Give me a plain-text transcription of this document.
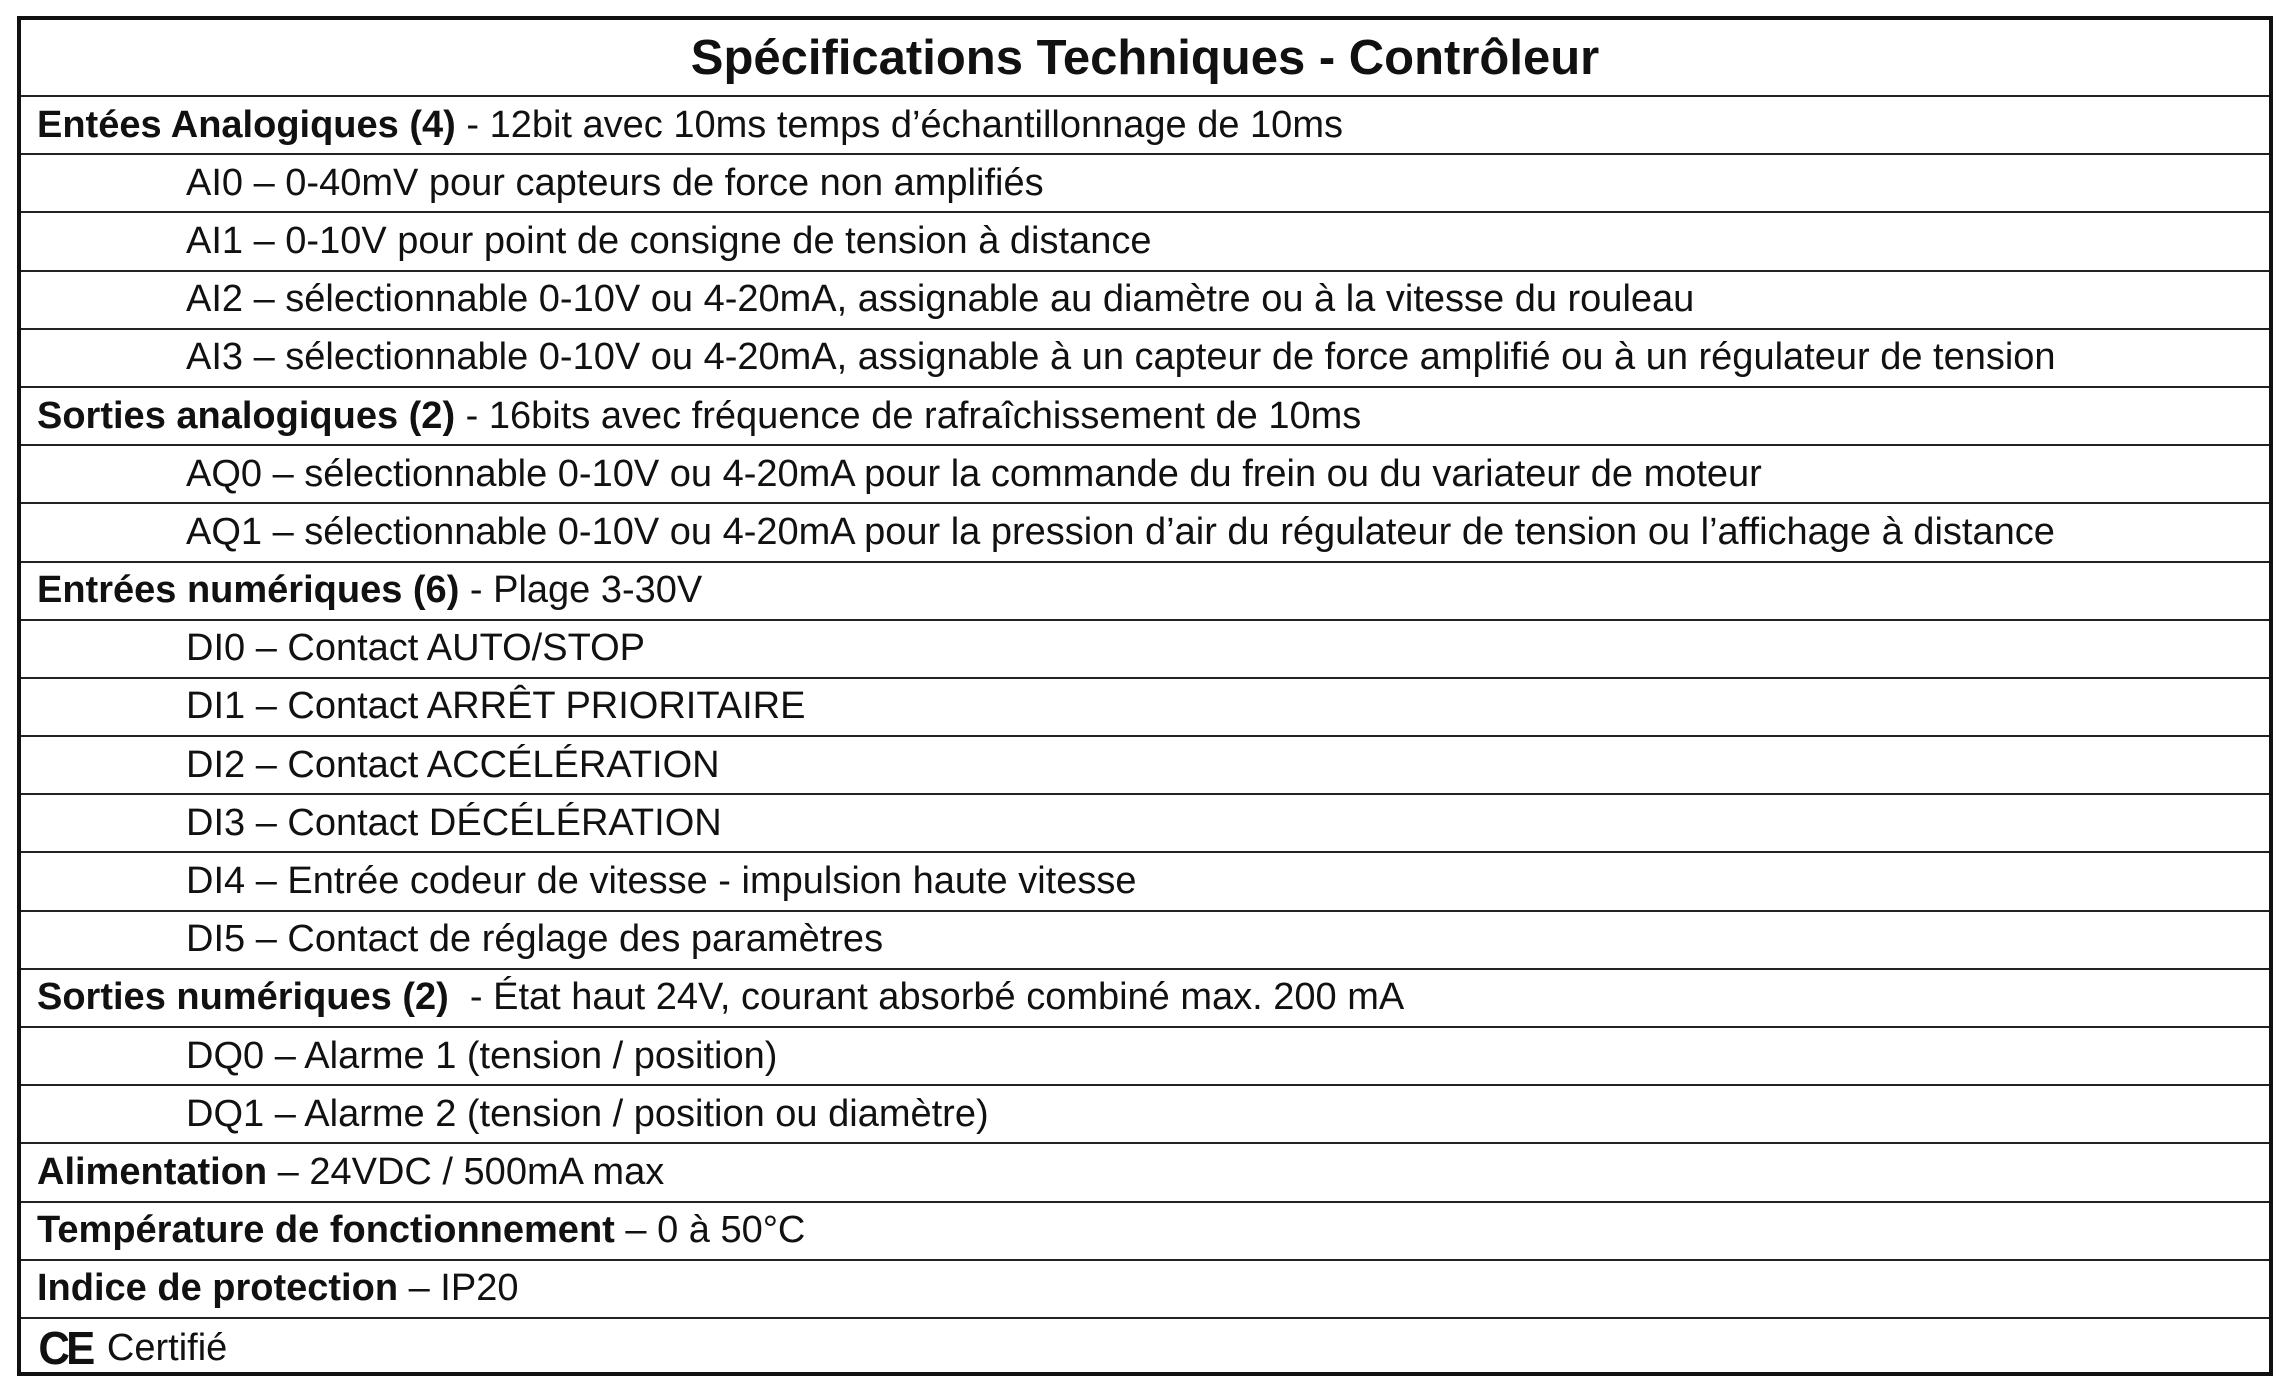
Spécifications Techniques - Contrôleur
Entées Analogiques (4) - 12bit avec 10ms temps d’échantillonnage de 10ms
AI0 – 0-40mV pour capteurs de force non amplifiés
AI1 – 0-10V pour point de consigne de tension à distance
AI2 – sélectionnable 0-10V ou 4-20mA, assignable au diamètre ou à la vitesse du rouleau
AI3 – sélectionnable 0-10V ou 4-20mA, assignable à un capteur de force amplifié ou à un régulateur de tension
Sorties analogiques (2) - 16bits avec fréquence de rafraîchissement de 10ms
AQ0 – sélectionnable 0-10V ou 4-20mA pour la commande du frein ou du variateur de moteur
AQ1 – sélectionnable 0-10V ou 4-20mA pour la pression d’air du régulateur de tension ou l’affichage à distance
Entrées numériques (6) - Plage 3-30V
DI0 – Contact AUTO/STOP
DI1 – Contact ARRÊT PRIORITAIRE
DI2 – Contact ACCÉLÉRATION
DI3 – Contact DÉCÉLÉRATION
DI4 – Entrée codeur de vitesse - impulsion haute vitesse
DI5 – Contact de réglage des paramètres
Sorties numériques (2) - État haut 24V, courant absorbé combiné max. 200 mA
DQ0 – Alarme 1 (tension / position)
DQ1 – Alarme 2 (tension / position ou diamètre)
Alimentation – 24VDC / 500mA max
Température de fonctionnement – 0 à 50°C
Indice de protection – IP20
CE Certifié
